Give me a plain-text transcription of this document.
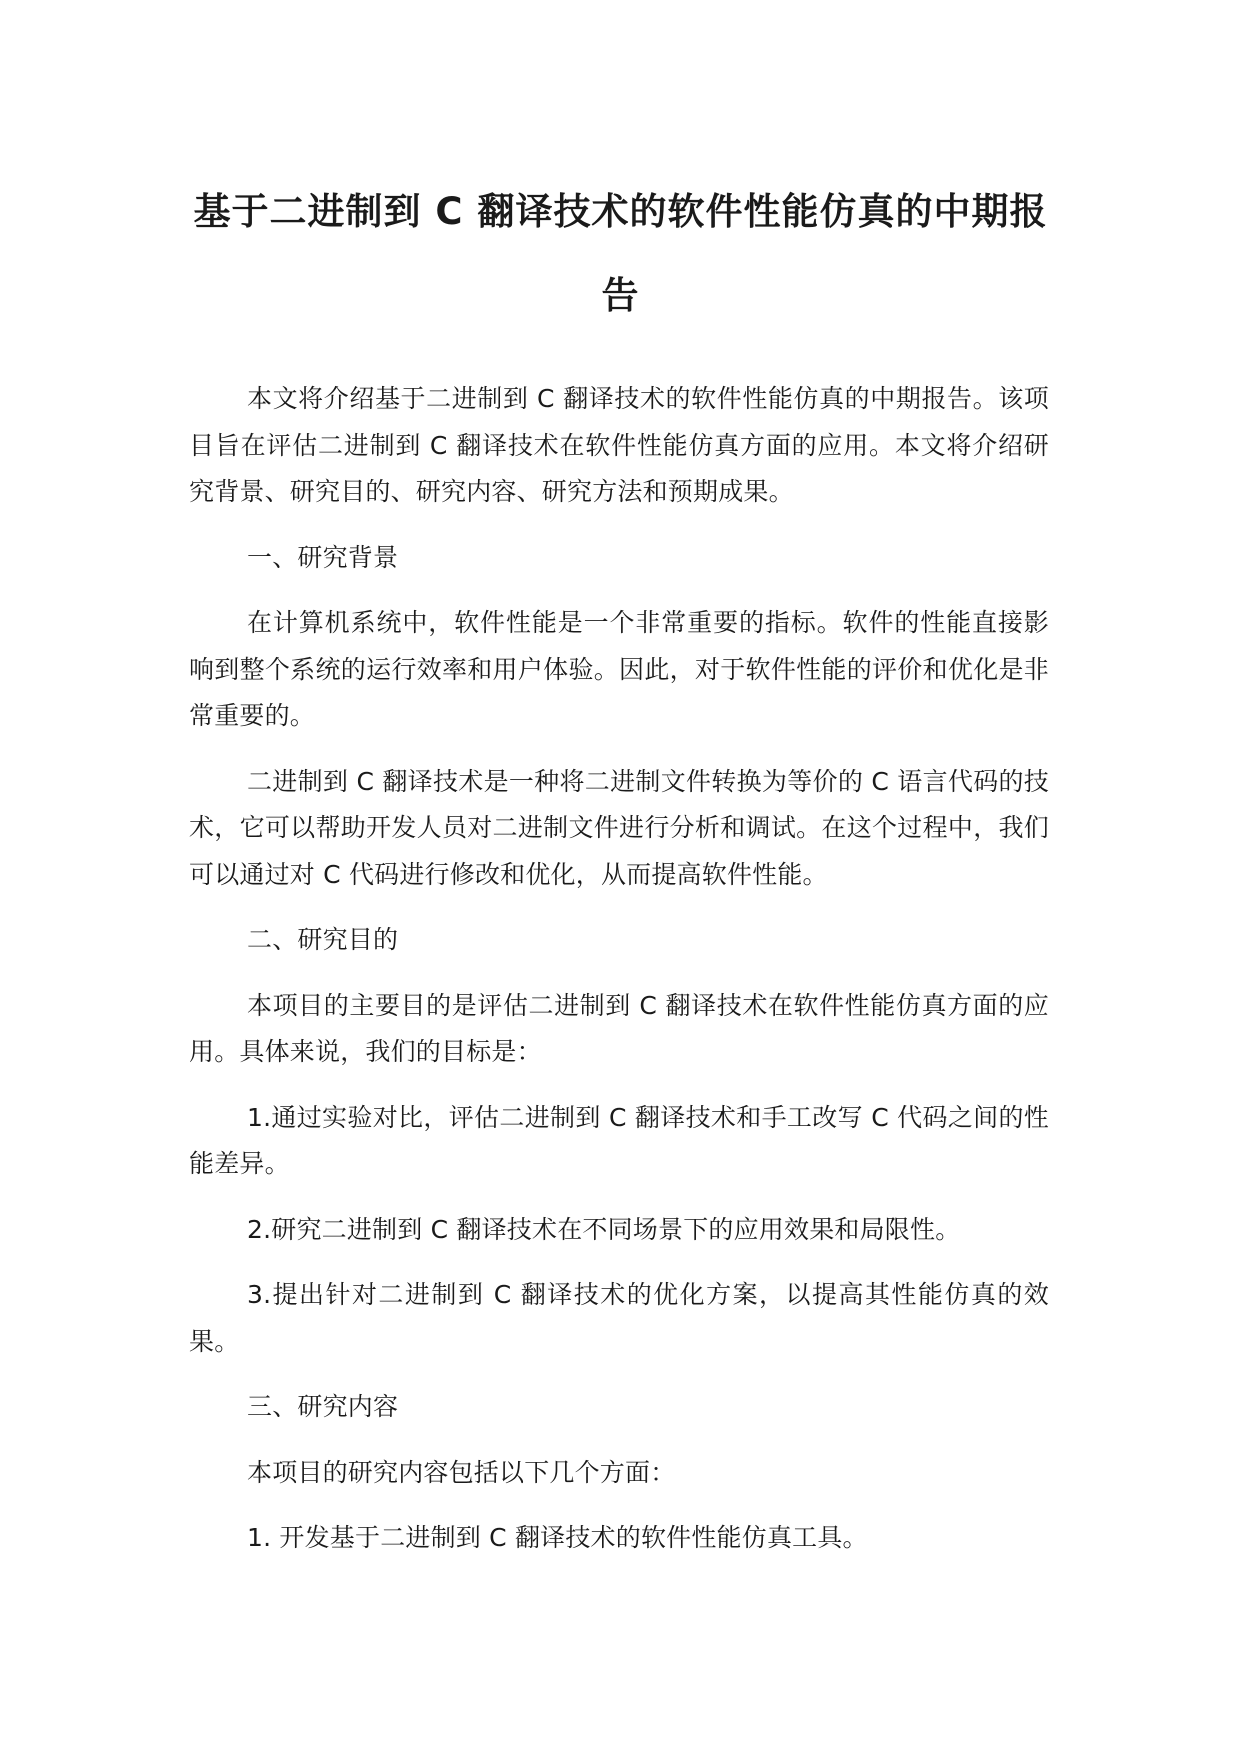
基于二进制到 C 翻译技术的软件性能仿真的中期报告

本文将介绍基于二进制到 C 翻译技术的软件性能仿真的中期报告。该项目旨在评估二进制到 C 翻译技术在软件性能仿真方面的应用。本文将介绍研究背景、研究目的、研究内容、研究方法和预期成果。

一、研究背景

在计算机系统中，软件性能是一个非常重要的指标。软件的性能直接影响到整个系统的运行效率和用户体验。因此，对于软件性能的评价和优化是非常重要的。

二进制到 C 翻译技术是一种将二进制文件转换为等价的 C 语言代码的技术，它可以帮助开发人员对二进制文件进行分析和调试。在这个过程中，我们可以通过对 C 代码进行修改和优化，从而提高软件性能。

二、研究目的

本项目的主要目的是评估二进制到 C 翻译技术在软件性能仿真方面的应用。具体来说，我们的目标是：

1.通过实验对比，评估二进制到 C 翻译技术和手工改写 C 代码之间的性能差异。

2.研究二进制到 C 翻译技术在不同场景下的应用效果和局限性。

3.提出针对二进制到 C 翻译技术的优化方案，以提高其性能仿真的效果。

三、研究内容

本项目的研究内容包括以下几个方面：

1. 开发基于二进制到 C 翻译技术的软件性能仿真工具。
